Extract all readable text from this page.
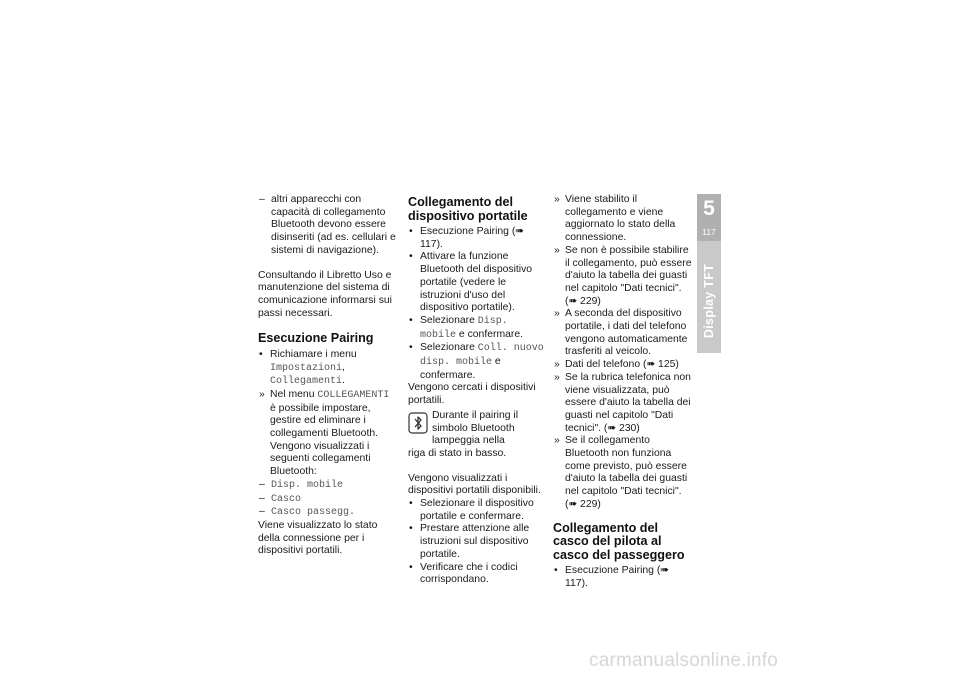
– altri apparecchi con capacità di collegamento Bluetooth devono essere disinseriti (ad es. cellulari e sistemi di navigazione).

Consultando il Libretto Uso e manutenzione del sistema di comunicazione informarsi sui passi necessari.

Esecuzione Pairing

• Richiamare i menu Impostazioni, Collegamenti.

» Nel menu COLLEGAMENTI è possibile impostare, gestire ed eliminare i collegamenti Bluetooth. Vengono visualizzati i seguenti collegamenti Bluetooth:

– Disp. mobile

– Casco

– Casco passegg.

Viene visualizzato lo stato della connessione per i dispositivi portatili.

Collegamento del dispositivo portatile

• Esecuzione Pairing (➠ 117).

• Attivare la funzione Bluetooth del dispositivo portatile (vedere le istruzioni d'uso del dispositivo portatile).

• Selezionare Disp. mobile e confermare.

• Selezionare Coll. nuovo disp. mobile e confermare.

Vengono cercati i dispositivi portatili.

Durante il pairing il simbolo Bluetooth lampeggia nella

riga di stato in basso.

Vengono visualizzati i dispositivi portatili disponibili.

• Selezionare il dispositivo portatile e confermare.

• Prestare attenzione alle istruzioni sul dispositivo portatile.

• Verificare che i codici corrispondano.

» Viene stabilito il collegamento e viene aggiornato lo stato della connessione.

» Se non è possibile stabilire il collegamento, può essere d'aiuto la tabella dei guasti nel capitolo "Dati tecnici". (➠ 229)

» A seconda del dispositivo portatile, i dati del telefono vengono automaticamente trasferiti al veicolo.

» Dati del telefono (➠ 125)

» Se la rubrica telefonica non viene visualizzata, può essere d'aiuto la tabella dei guasti nel capitolo "Dati tecnici". (➠ 230)

» Se il collegamento Bluetooth non funziona come previsto, può essere d'aiuto la tabella dei guasti nel capitolo "Dati tecnici". (➠ 229)

Collegamento del casco del pilota al casco del passeggero

• Esecuzione Pairing (➠ 117).

5
117
Display TFT
carmanualsonline.info
